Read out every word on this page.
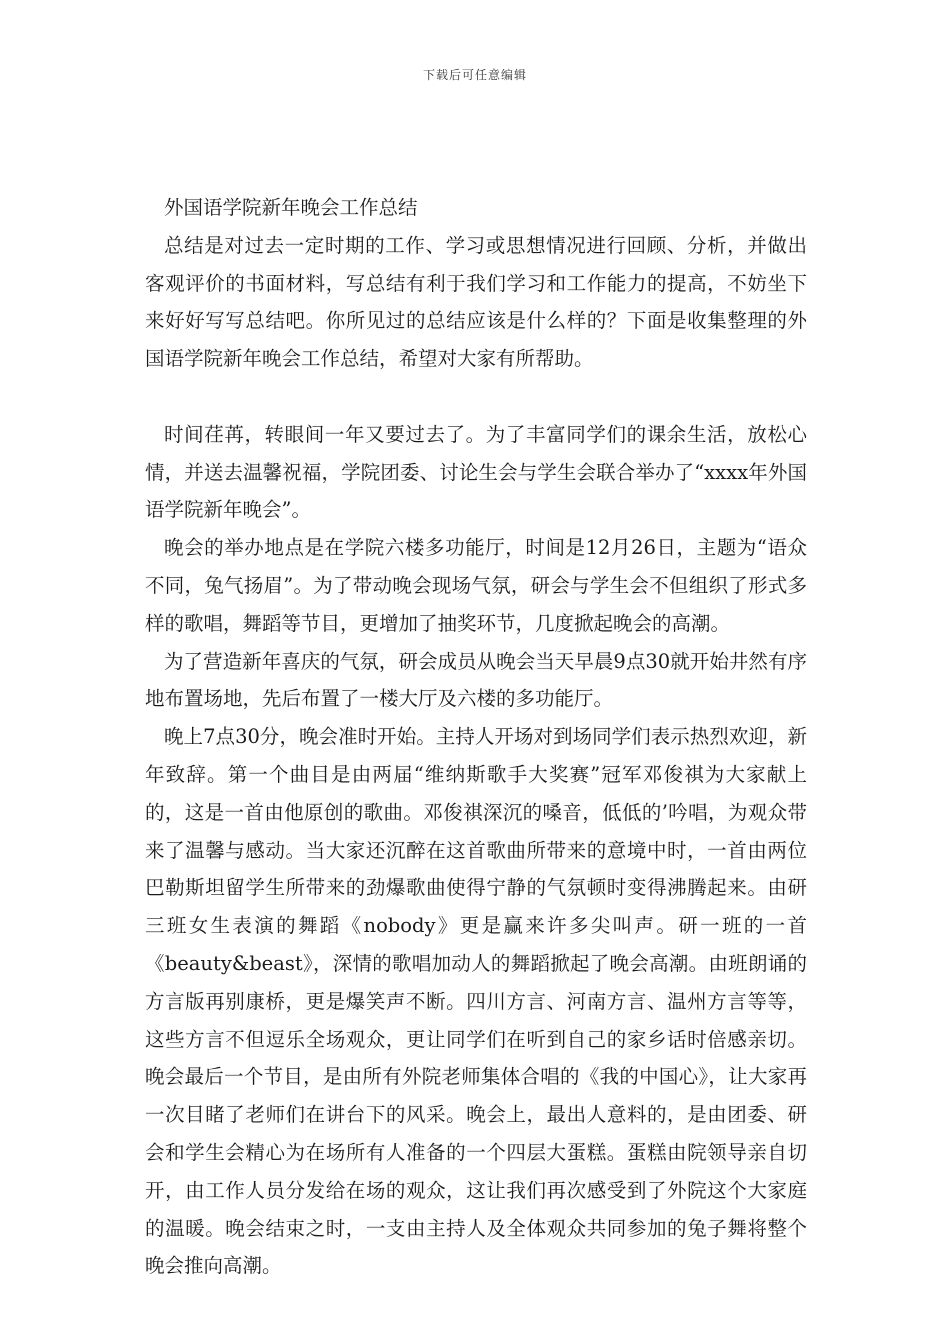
下载后可任意编辑

外国语学院新年晚会工作总结

总结是对过去一定时期的工作、学习或思想情况进行回顾、分析，并做出客观评价的书面材料，写总结有利于我们学习和工作能力的提高，不妨坐下来好好写写总结吧。你所见过的总结应该是什么样的？下面是收集整理的外国语学院新年晚会工作总结，希望对大家有所帮助。

时间荏苒，转眼间一年又要过去了。为了丰富同学们的课余生活，放松心情，并送去温馨祝福，学院团委、讨论生会与学生会联合举办了“xxxx年外国语学院新年晚会”。

晚会的举办地点是在学院六楼多功能厅，时间是12月26日，主题为“语众不同，兔气扬眉”。为了带动晚会现场气氛，研会与学生会不但组织了形式多样的歌唱，舞蹈等节目，更增加了抽奖环节，几度掀起晚会的高潮。

为了营造新年喜庆的气氛，研会成员从晚会当天早晨9点30就开始井然有序地布置场地，先后布置了一楼大厅及六楼的多功能厅。

晚上7点30分，晚会准时开始。主持人开场对到场同学们表示热烈欢迎，新年致辞。第一个曲目是由两届“维纳斯歌手大奖赛”冠军邓俊祺为大家献上的，这是一首由他原创的歌曲。邓俊祺深沉的嗓音，低低的’吟唱，为观众带来了温馨与感动。当大家还沉醉在这首歌曲所带来的意境中时，一首由两位巴勒斯坦留学生所带来的劲爆歌曲使得宁静的气氛顿时变得沸腾起来。由研三班女生表演的舞蹈《nobody》更是赢来许多尖叫声。研一班的一首《beauty&beast》，深情的歌唱加动人的舞蹈掀起了晚会高潮。由班朗诵的方言版再别康桥，更是爆笑声不断。四川方言、河南方言、温州方言等等，这些方言不但逗乐全场观众，更让同学们在听到自己的家乡话时倍感亲切。晚会最后一个节目，是由所有外院老师集体合唱的《我的中国心》，让大家再一次目睹了老师们在讲台下的风采。晚会上，最出人意料的，是由团委、研会和学生会精心为在场所有人准备的一个四层大蛋糕。蛋糕由院领导亲自切开，由工作人员分发给在场的观众，这让我们再次感受到了外院这个大家庭的温暖。晚会结束之时，一支由主持人及全体观众共同参加的兔子舞将整个晚会推向高潮。
